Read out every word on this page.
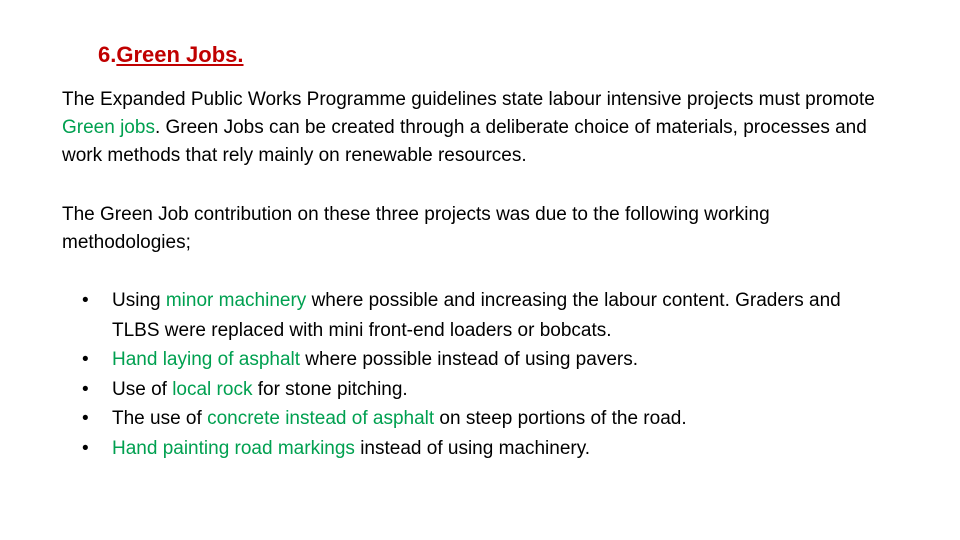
6.Green Jobs.
The Expanded Public Works Programme guidelines state labour intensive projects must promote Green jobs. Green Jobs can be created through a deliberate choice of materials, processes and work methods that rely mainly on renewable resources.
The Green Job contribution on these three projects was due to the following working methodologies;
•	Using minor machinery where possible and increasing the labour content. Graders and TLBS were replaced with mini front-end loaders or bobcats.
•	Hand laying of asphalt where possible instead of using pavers.
•	Use of local rock for stone pitching.
•	The use of concrete instead of asphalt on steep portions of the road.
•	Hand painting road markings instead of using machinery.
